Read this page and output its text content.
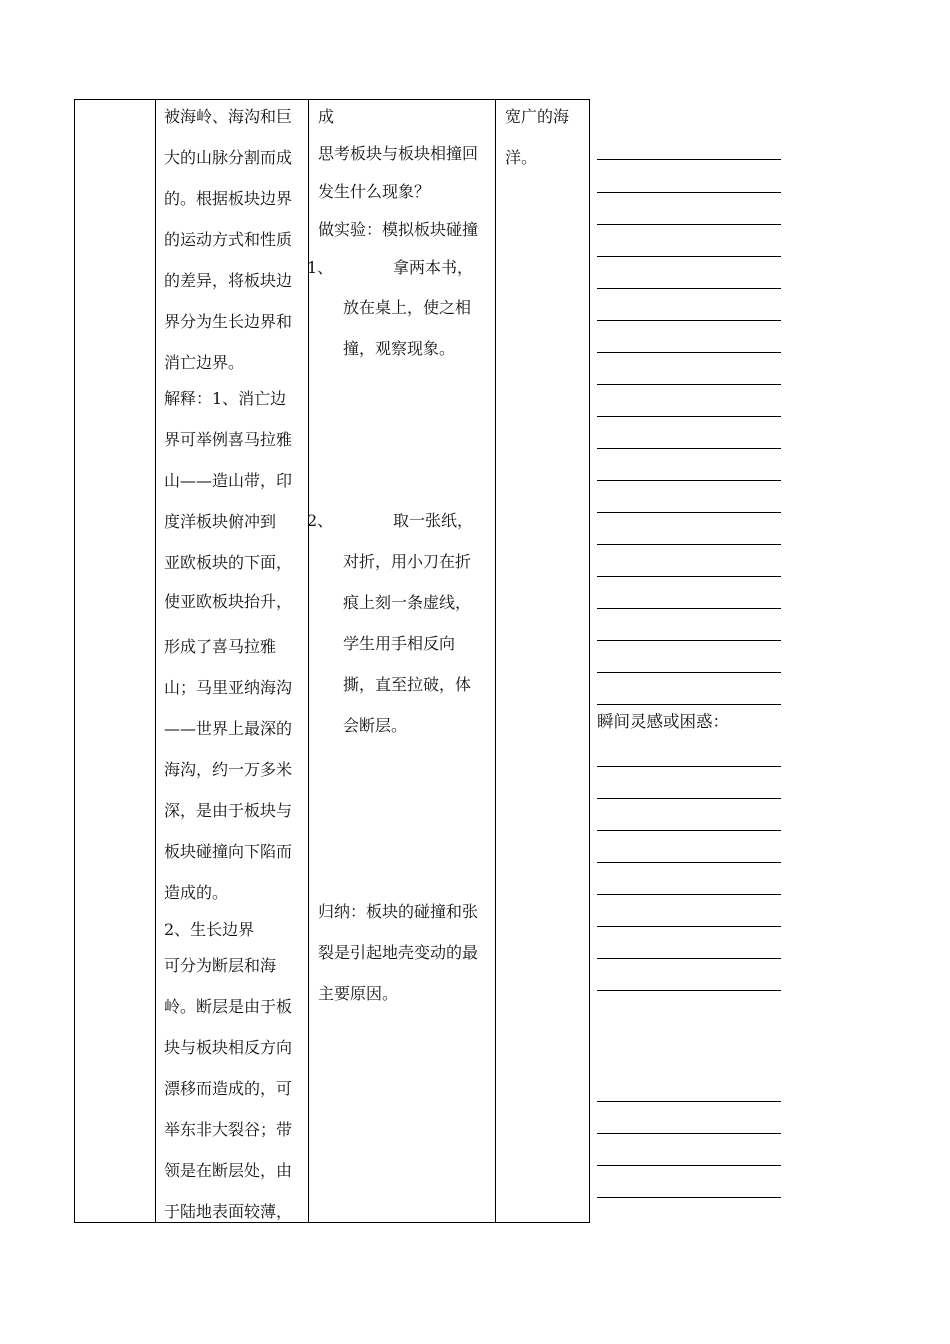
被海岭、海沟和巨
大的山脉分割而成
的。根据板块边界
的运动方式和性质
的差异，将板块边
界分为生长边界和
消亡边界。
解释：1、消亡边
界可举例喜马拉雅
山——造山带，印
度洋板块俯冲到
亚欧板块的下面，
使亚欧板块抬升，
形成了喜马拉雅
山；马里亚纳海沟
——世界上最深的
海沟，约一万多米
深，是由于板块与
板块碰撞向下陷而
造成的。
2、生长边界
可分为断层和海
岭。断层是由于板
块与板块相反方向
漂移而造成的，可
举东非大裂谷；带
领是在断层处，由
于陆地表面较薄，
成
思考板块与板块相撞回
发生什么现象？
做实验：模拟板块碰撞
1、	拿两本书，
放在桌上，使之相
撞，观察现象。
2、	取一张纸，
对折，用小刀在折
痕上刻一条虚线，
学生用手相反向
撕，直至拉破，体
会断层。
归纳：板块的碰撞和张
裂是引起地壳变动的最
主要原因。
宽广的海
洋。
瞬间灵感或困惑：
